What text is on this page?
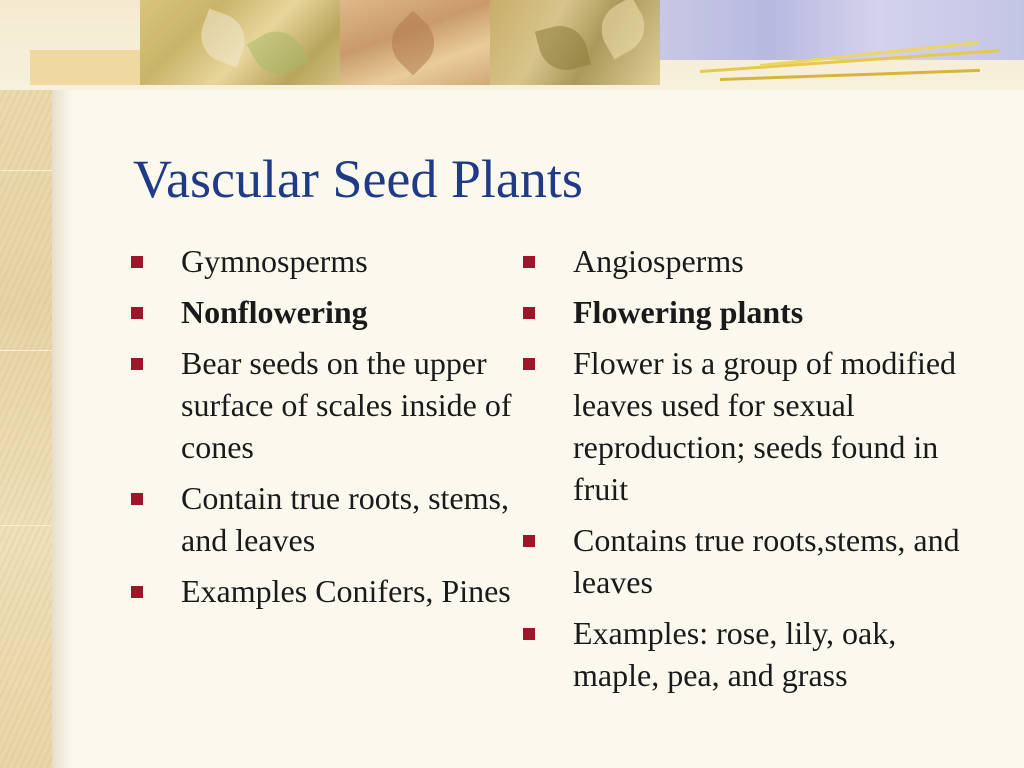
Vascular Seed Plants
Gymnosperms
Nonflowering
Bear seeds on the upper surface of scales inside of cones
Contain true roots, stems, and leaves
Examples Conifers, Pines
Angiosperms
Flowering plants
Flower is a group of modified leaves used for sexual reproduction; seeds found in fruit
Contains true roots,stems, and leaves
Examples: rose, lily, oak, maple, pea, and grass
